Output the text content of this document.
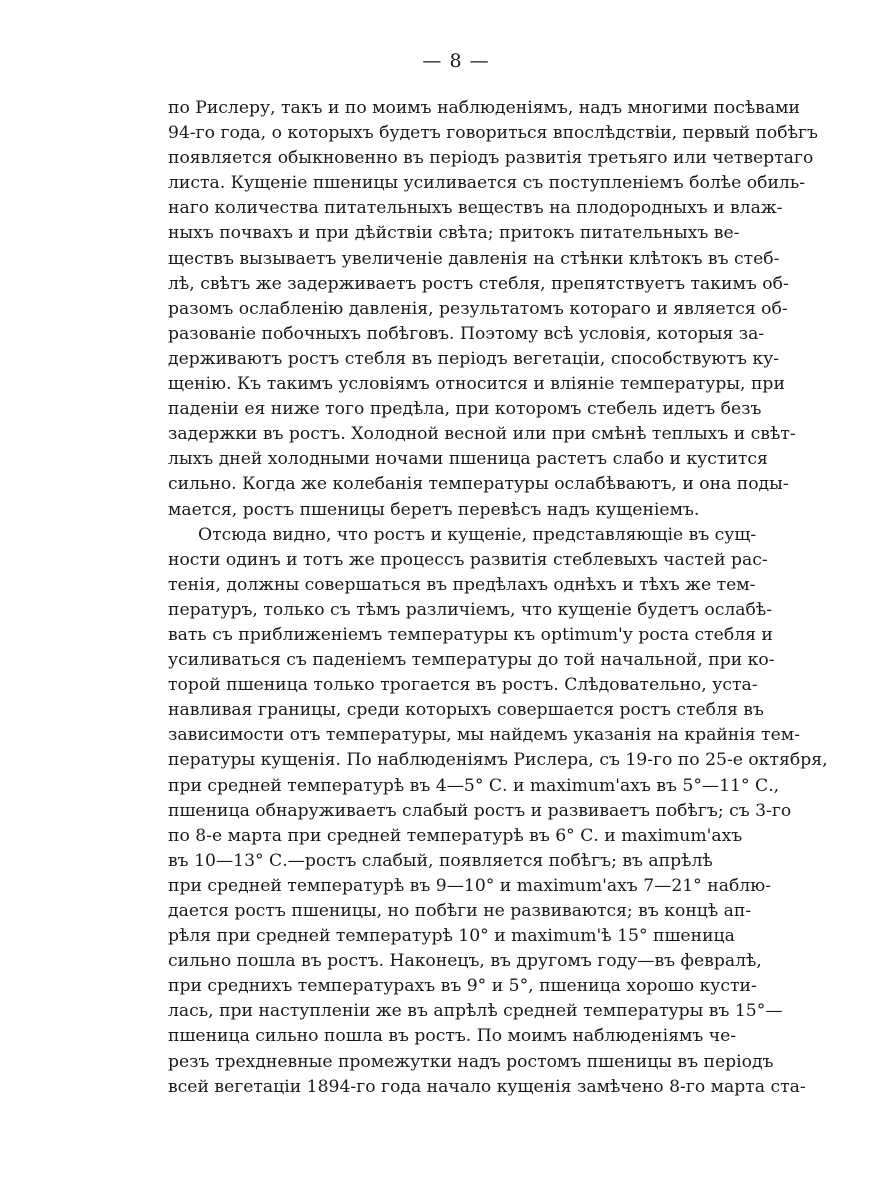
— 8 —
по Рислеру, такъ и по моимъ наблюденіямъ, надъ многими посѣвами
94-го года, о которыхъ будетъ говориться впослѣдствіи, первый побѣгъ
появляется обыкновенно въ періодъ развитія третьяго или четвертаго
листа. Кущеніе пшеницы усиливается съ поступленіемъ болѣе обиль-
наго количества питательныхъ веществъ на плодородныхъ и влаж-
ныхъ почвахъ и при дѣйствіи свѣта; притокъ питательныхъ ве-
ществъ вызываетъ увеличеніе давленія на стѣнки клѣтокъ въ стеб-
лѣ, свѣтъ же задерживаетъ ростъ стебля, препятствуетъ такимъ об-
разомъ ослабленію давленія, результатомъ котораго и является об-
разованіе побочныхъ побѣговъ. Поэтому всѣ условія, которыя за-
держиваютъ ростъ стебля въ періодъ вегетаціи, способствуютъ ку-
щенію. Къ такимъ условіямъ относится и вліяніе температуры, при
паденіи ея ниже того предѣла, при которомъ стебель идетъ безъ
задержки въ ростъ. Холодной весной или при смѣнѣ теплыхъ и свѣт-
лыхъ дней холодными ночами пшеница растетъ слабо и кустится
сильно. Когда же колебанія температуры ослабѣваютъ, и она поды-
мается, ростъ пшеницы беретъ перевѣсъ надъ кущеніемъ.
Отсюда видно, что ростъ и кущеніе, представляющіе въ сущ-
ности одинъ и тотъ же процессъ развитія стеблевыхъ частей рас-
тенія, должны совершаться въ предѣлахъ однѣхъ и тѣхъ же тем-
пературъ, только съ тѣмъ различіемъ, что кущеніе будетъ ослабѣ-
вать съ приближеніемъ температуры къ optimum'у роста стебля и
усиливаться съ паденіемъ температуры до той начальной, при ко-
торой пшеница только трогается въ ростъ. Слѣдовательно, уста-
навливая границы, среди которыхъ совершается ростъ стебля въ
зависимости отъ температуры, мы найдемъ указанія на крайнія тем-
пературы кущенія. По наблюденіямъ Рислера, съ 19-го по 25-е октября,
при средней температурѣ въ 4—5° С. и maximum'ахъ въ 5°—11° С.,
пшеница обнаруживаетъ слабый ростъ и развиваетъ побѣгъ; съ 3-го
по 8-е марта при средней температурѣ въ 6° С. и maximum'ахъ
въ 10—13° С.—ростъ слабый, появляется побѣгъ; въ апрѣлѣ
при средней температурѣ въ 9—10° и maximum'ахъ 7—21° наблю-
дается ростъ пшеницы, но побѣги не развиваются; въ концѣ ап-
рѣля при средней температурѣ 10° и maximum'ѣ 15° пшеница
сильно пошла въ ростъ. Наконецъ, въ другомъ году—въ февралѣ,
при среднихъ температурахъ въ 9° и 5°, пшеница хорошо кусти-
лась, при наступленіи же въ апрѣлѣ средней температуры въ 15°—
пшеница сильно пошла въ ростъ. По моимъ наблюденіямъ че-
резъ трехдневные промежутки надъ ростомъ пшеницы въ періодъ
всей вегетаціи 1894-го года начало кущенія замѣчено 8-го марта ста-
